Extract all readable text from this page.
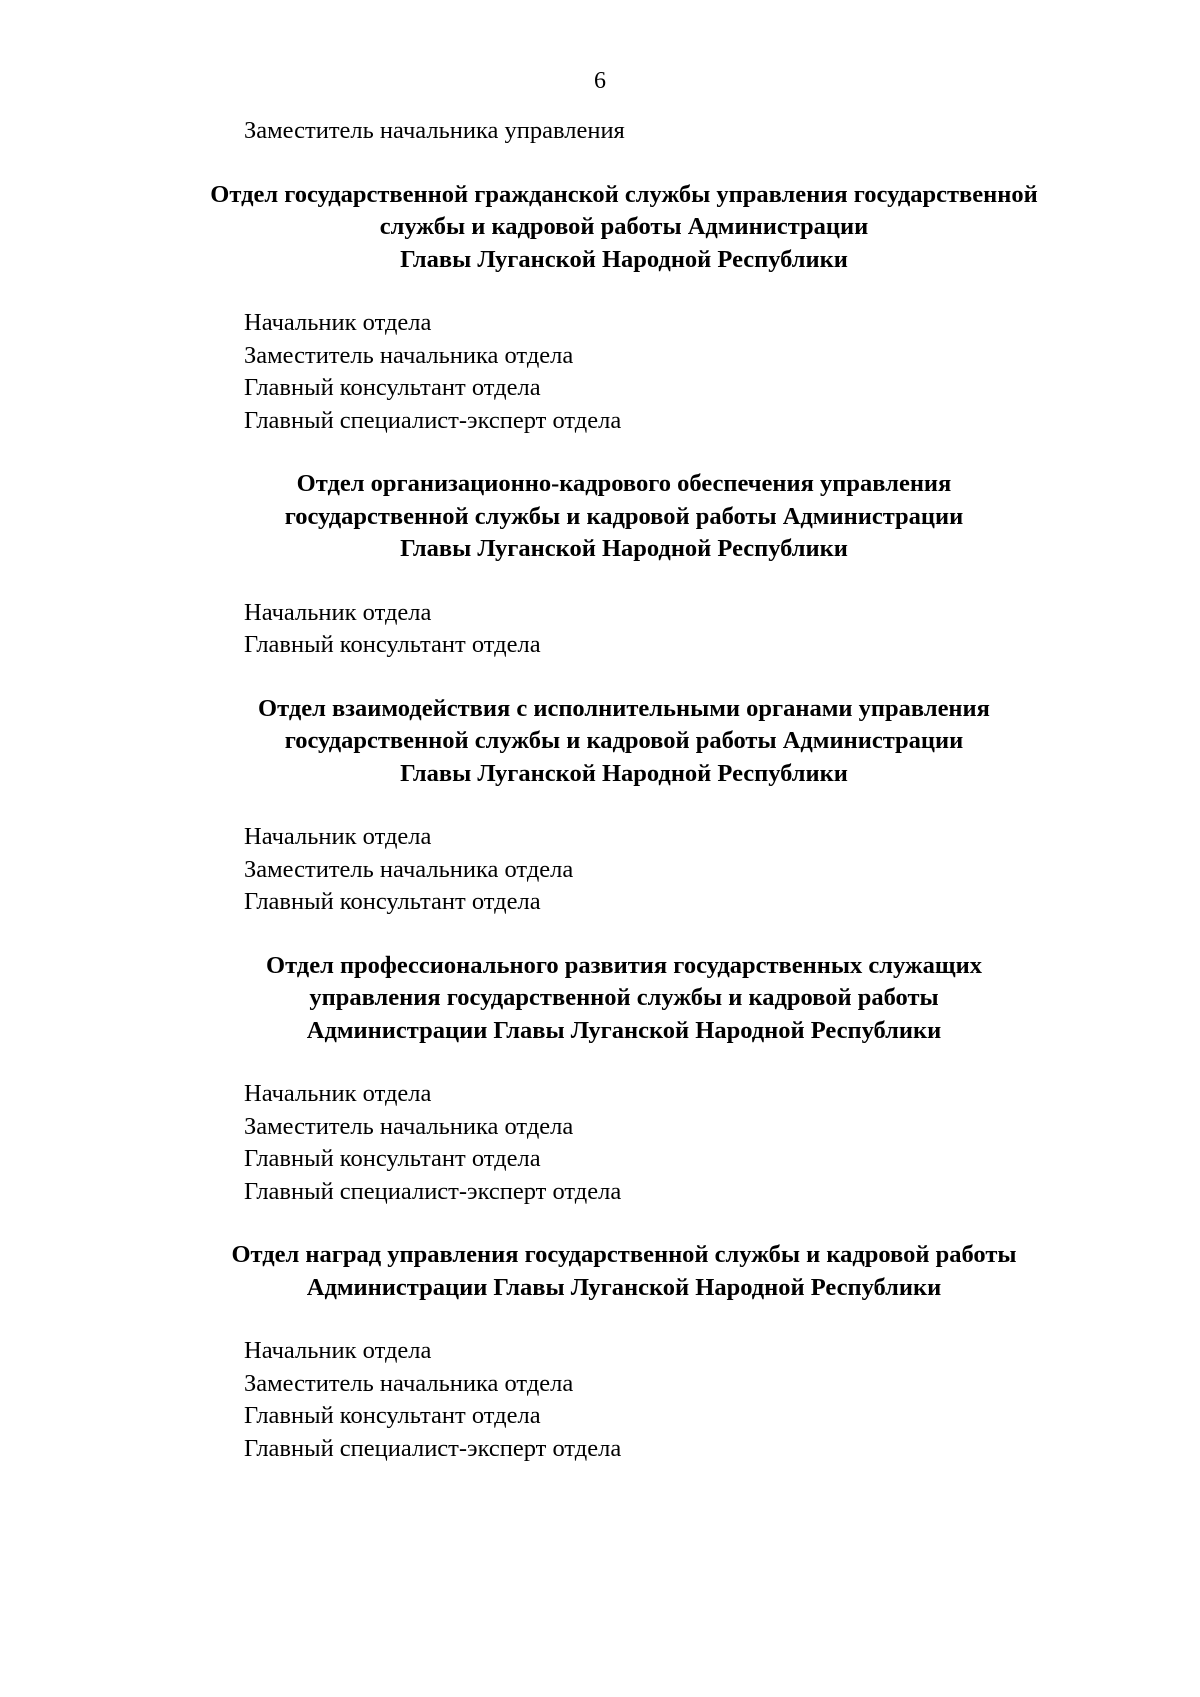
6
Заместитель начальника управления
Отдел государственной гражданской службы управления государственной
службы и кадровой работы Администрации
Главы Луганской Народной Республики
Начальник отдела
Заместитель начальника отдела
Главный консультант отдела
Главный специалист-эксперт отдела
Отдел организационно-кадрового обеспечения управления
государственной службы и кадровой работы Администрации
Главы Луганской Народной Республики
Начальник отдела
Главный консультант отдела
Отдел взаимодействия с исполнительными органами управления
государственной службы и кадровой работы Администрации
Главы Луганской Народной Республики
Начальник отдела
Заместитель начальника отдела
Главный консультант отдела
Отдел профессионального развития государственных служащих
управления государственной службы и кадровой работы
Администрации Главы Луганской Народной Республики
Начальник отдела
Заместитель начальника отдела
Главный консультант отдела
Главный специалист-эксперт отдела
Отдел наград управления государственной службы и кадровой работы
Администрации Главы Луганской Народной Республики
Начальник отдела
Заместитель начальника отдела
Главный консультант отдела
Главный специалист-эксперт отдела
